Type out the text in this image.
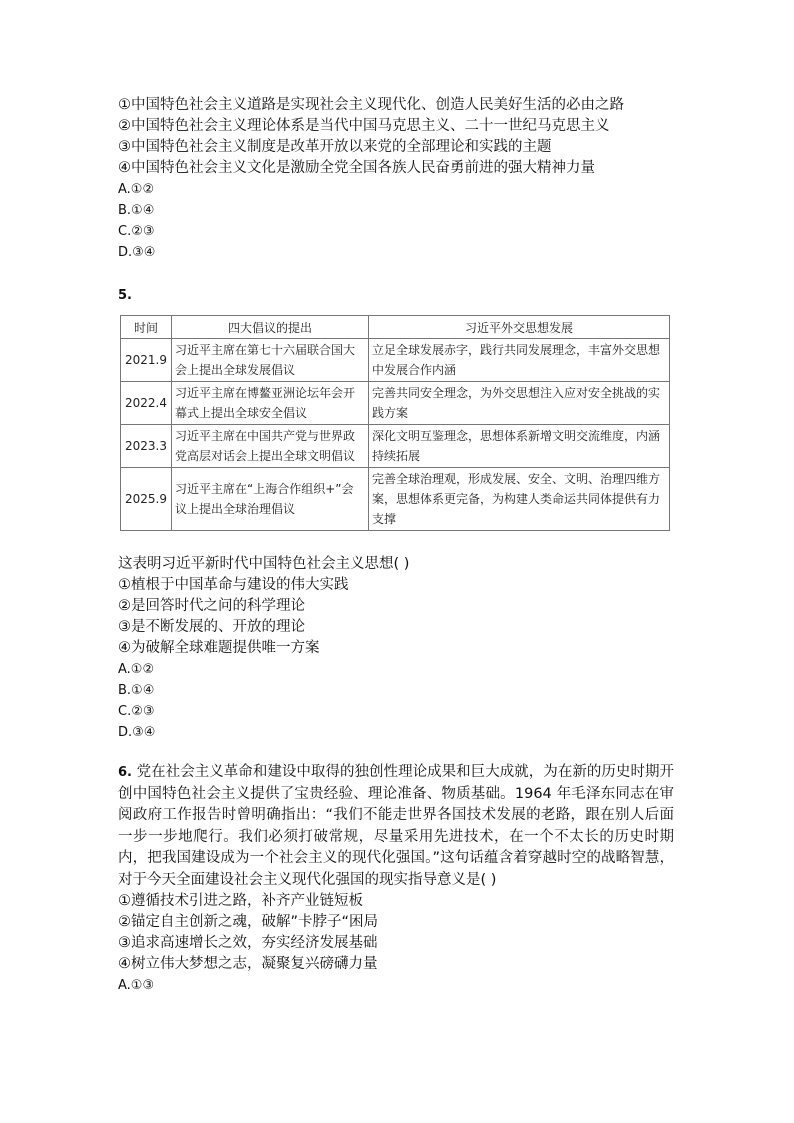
①中国特色社会主义道路是实现社会主义现代化、创造人民美好生活的必由之路
②中国特色社会主义理论体系是当代中国马克思主义、二十一世纪马克思主义
③中国特色社会主义制度是改革开放以来党的全部理论和实践的主题
④中国特色社会主义文化是激励全党全国各族人民奋勇前进的强大精神力量
A.①②
B.①④
C.②③
D.③④
5.
时间	四大倡议的提出	习近平外交思想发展
2021.9	习近平主席在第七十六届联合国大会上提出全球发展倡议	立足全球发展赤字，践行共同发展理念，丰富外交思想中发展合作内涵
2022.4	习近平主席在博鳌亚洲论坛年会开幕式上提出全球安全倡议	完善共同安全理念，为外交思想注入应对安全挑战的实践方案
2023.3	习近平主席在中国共产党与世界政党高层对话会上提出全球文明倡议	深化文明互鉴理念，思想体系新增文明交流维度，内涵持续拓展
2025.9	习近平主席在“上海合作组织+”会议上提出全球治理倡议	完善全球治理观，形成发展、安全、文明、治理四维方案，思想体系更完备，为构建人类命运共同体提供有力支撑
这表明习近平新时代中国特色社会主义思想( )
①植根于中国革命与建设的伟大实践
②是回答时代之问的科学理论
③是不断发展的、开放的理论
④为破解全球难题提供唯一方案
A.①②
B.①④
C.②③
D.③④
6. 党在社会主义革命和建设中取得的独创性理论成果和巨大成就，为在新的历史时期开创中国特色社会主义提供了宝贵经验、理论准备、物质基础。1964 年毛泽东同志在审阅政府工作报告时曾明确指出：“我们不能走世界各国技术发展的老路，跟在别人后面一步一步地爬行。我们必须打破常规，尽量采用先进技术，在一个不太长的历史时期内，把我国建设成为一个社会主义的现代化强国。”这句话蕴含着穿越时空的战略智慧，对于今天全面建设社会主义现代化强国的现实指导意义是( )
①遵循技术引进之路，补齐产业链短板
②锚定自主创新之魂，破解”卡脖子“困局
③追求高速增长之效，夯实经济发展基础
④树立伟大梦想之志，凝聚复兴磅礴力量
A.①③
